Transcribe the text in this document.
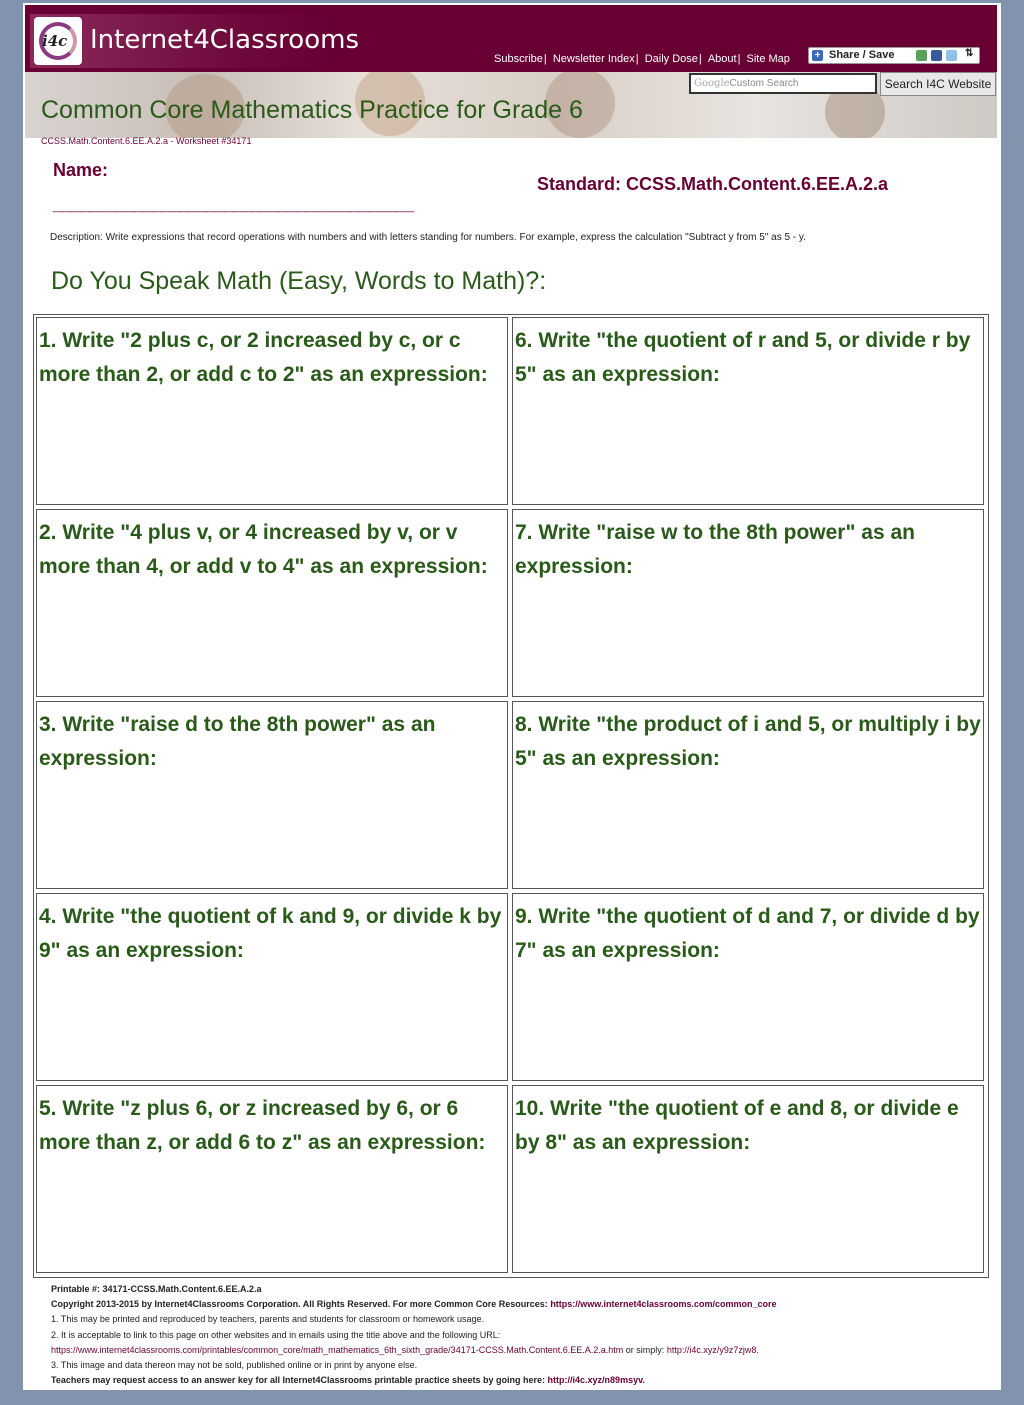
i4c Internet4Classrooms
Subscribe| Newsletter Index| Daily Dose| About| Site Map + Share / Save	⇅
Common Core Mathematics Practice for Grade 6
GoogleCustom Search	Search I4C Website
CCSS.Math.Content.6.EE.A.2.a - Worksheet #34171
Name:
________________________________________
Standard: CCSS.Math.Content.6.EE.A.2.a
Description: Write expressions that record operations with numbers and with letters standing for numbers. For example, express the calculation "Subtract y from 5" as 5 - y.
Do You Speak Math (Easy, Words to Math)?:
1. Write "2 plus c, or 2 increased by c, or c more than 2, or add c to 2" as an expression:
2. Write "4 plus v, or 4 increased by v, or v more than 4, or add v to 4" as an expression:
3. Write "raise d to the 8th power" as an expression:
4. Write "the quotient of k and 9, or divide k by 9" as an expression:
5. Write "z plus 6, or z increased by 6, or 6 more than z, or add 6 to z" as an expression:
6. Write "the quotient of r and 5, or divide r by 5" as an expression:
7. Write "raise w to the 8th power" as an expression:
8. Write "the product of i and 5, or multiply i by 5" as an expression:
9. Write "the quotient of d and 7, or divide d by 7" as an expression:
10. Write "the quotient of e and 8, or divide e by 8" as an expression:
Printable #: 34171-CCSS.Math.Content.6.EE.A.2.a
Copyright 2013-2015 by Internet4Classrooms Corporation. All Rights Reserved. For more Common Core Resources: https://www.internet4classrooms.com/common_core
1. This may be printed and reproduced by teachers, parents and students for classroom or homework usage.
2. It is acceptable to link to this page on other websites and in emails using the title above and the following URL:
https://www.internet4classrooms.com/printables/common_core/math_mathematics_6th_sixth_grade/34171-CCSS.Math.Content.6.EE.A.2.a.htm or simply: http://i4c.xyz/y9z7zjw8.
3. This image and data thereon may not be sold, published online or in print by anyone else.
Teachers may request access to an answer key for all Internet4Classrooms printable practice sheets by going here: http://i4c.xyz/n89msyv.
